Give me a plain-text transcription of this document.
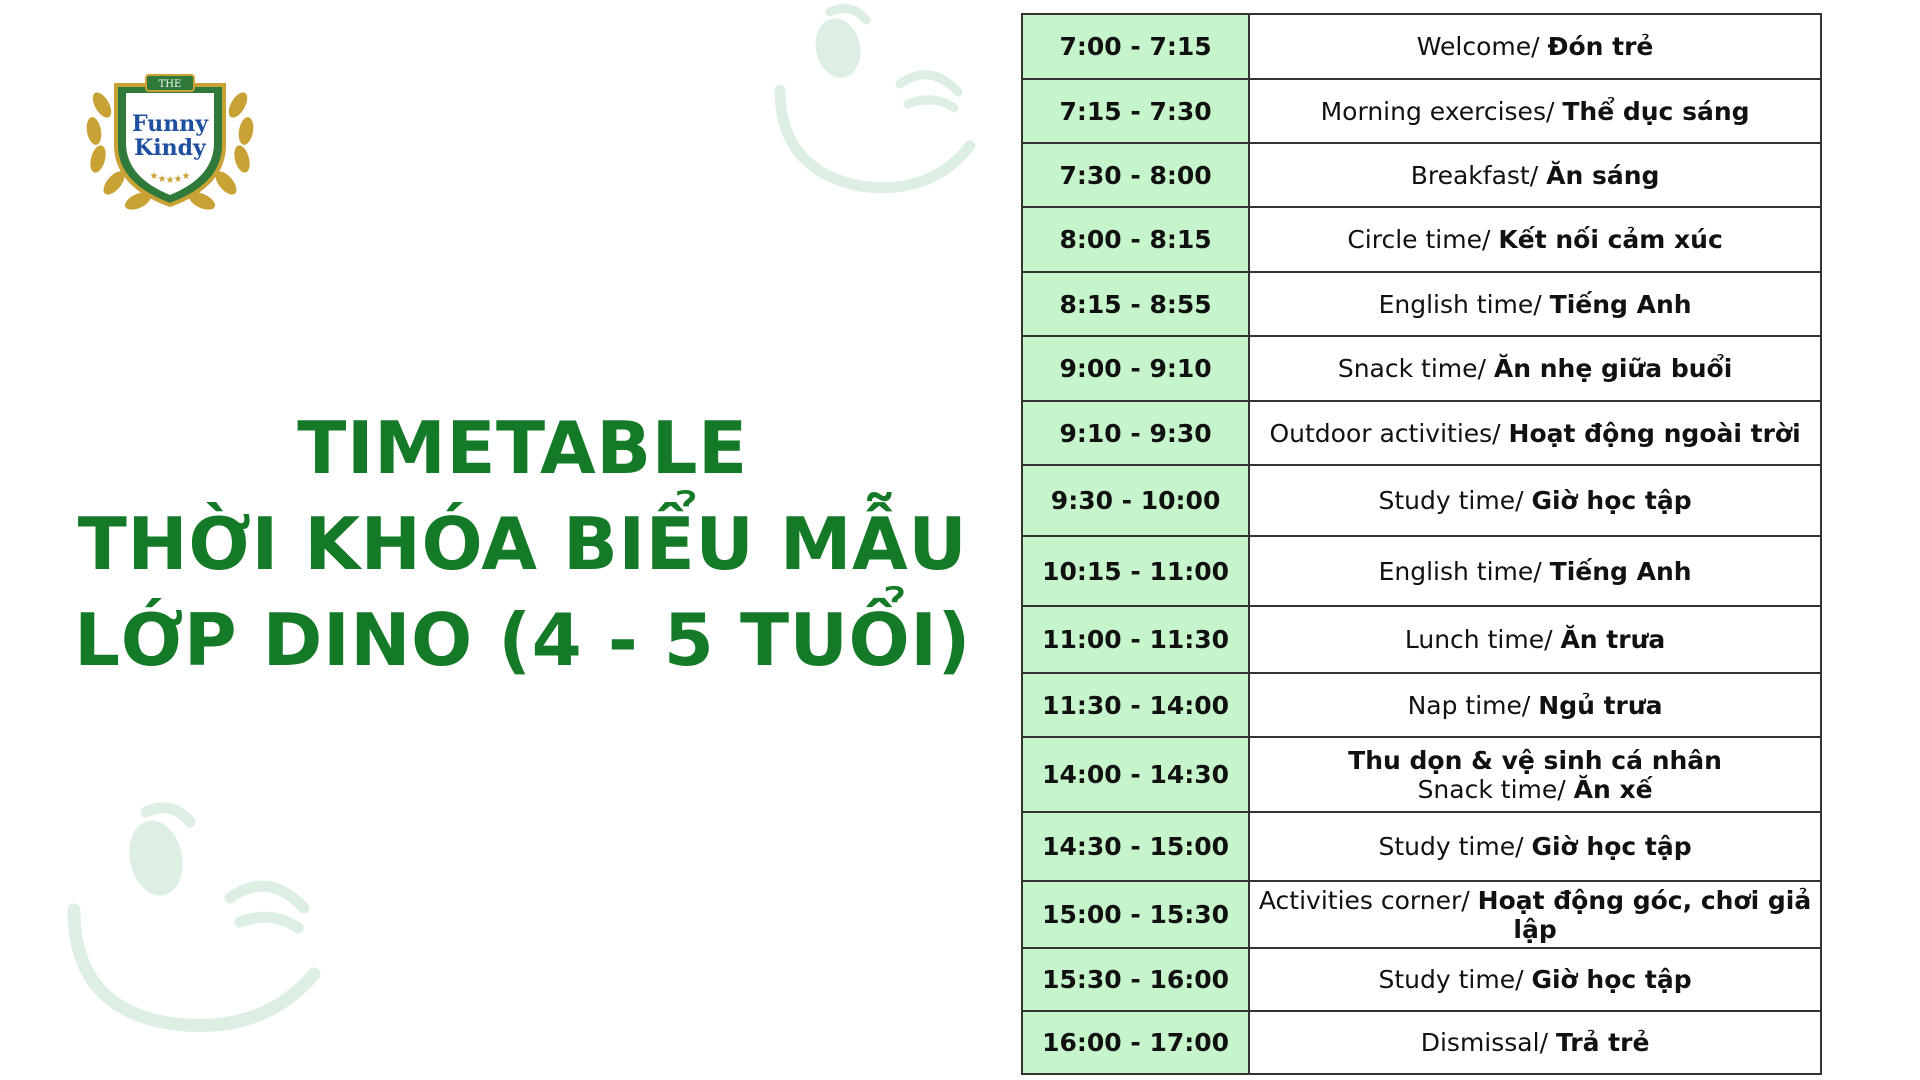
THE
Funny
Kindy
★ ★ ★ ★ ★
TIMETABLE
THỜI KHÓA BIỂU MẪU
LỚP DINO (4 - 5 TUỔI)
7:00 - 7:15	Welcome/ Đón trẻ
7:15 - 7:30	Morning exercises/ Thể dục sáng
7:30 - 8:00	Breakfast/ Ăn sáng
8:00 - 8:15	Circle time/ Kết nối cảm xúc
8:15 - 8:55	English time/ Tiếng Anh
9:00 - 9:10	Snack time/ Ăn nhẹ giữa buổi
9:10 - 9:30	Outdoor activities/ Hoạt động ngoài trời
9:30 - 10:00	Study time/ Giờ học tập
10:15 - 11:00	English time/ Tiếng Anh
11:00 - 11:30	Lunch time/ Ăn trưa
11:30 - 14:00	Nap time/ Ngủ trưa
14:00 - 14:30	Thu dọn & vệ sinh cá nhân
Snack time/ Ăn xế

14:30 - 15:00	Study time/ Giờ học tập
15:00 - 15:30	Activities corner/ Hoạt động góc, chơi giả lập
15:30 - 16:00	Study time/ Giờ học tập
16:00 - 17:00	Dismissal/ Trả trẻ
